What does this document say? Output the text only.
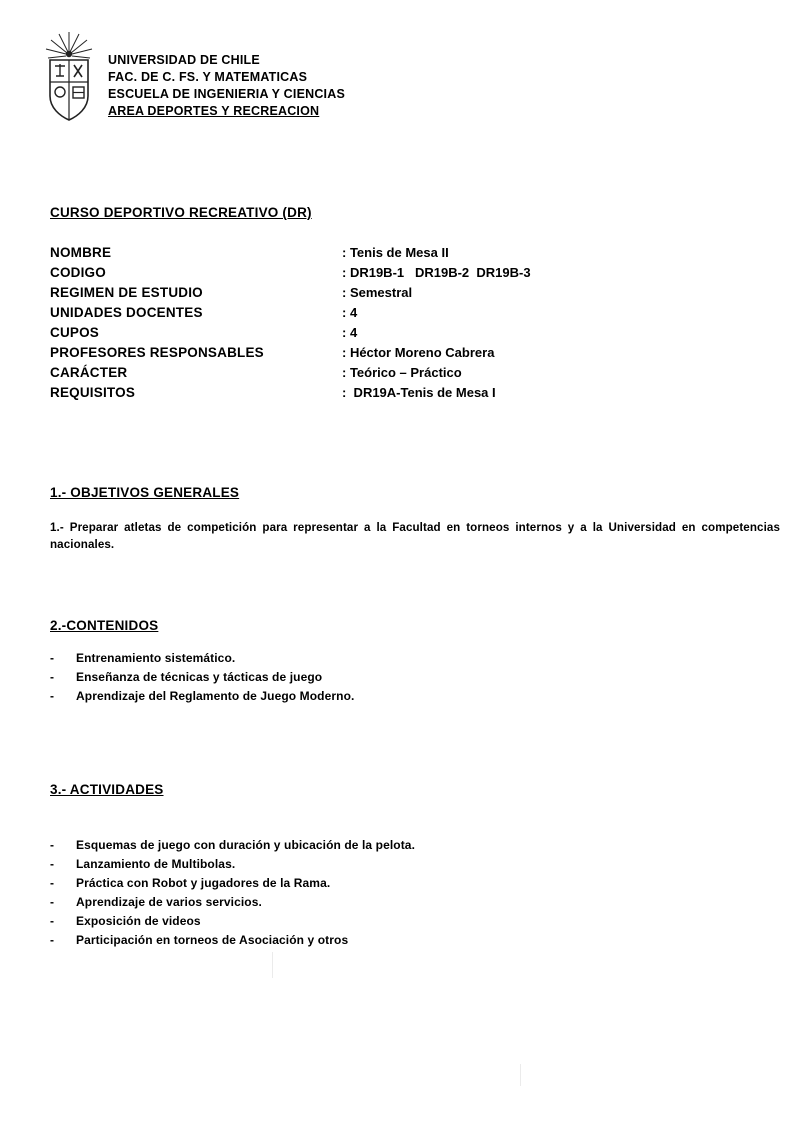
UNIVERSIDAD DE CHILE
FAC. DE C. FS. Y MATEMATICAS
ESCUELA DE INGENIERIA Y CIENCIAS
AREA DEPORTES Y RECREACION
CURSO DEPORTIVO RECREATIVO (DR)
NOMBRE	: Tenis de Mesa II
CODIGO	: DR19B-1   DR19B-2  DR19B-3
REGIMEN DE ESTUDIO	: Semestral
UNIDADES DOCENTES	: 4
CUPOS	: 4
PROFESORES RESPONSABLES	: Héctor Moreno Cabrera
CARÁCTER	: Teórico – Práctico
REQUISITOS	:  DR19A-Tenis de Mesa I
1.- OBJETIVOS GENERALES
1.- Preparar atletas de competición para representar a la Facultad en torneos internos y a la Universidad en competencias nacionales.
2.-CONTENIDOS
-	Entrenamiento sistemático.
-	Enseñanza de técnicas y tácticas de juego
-	Aprendizaje del Reglamento de Juego Moderno.
3.- ACTIVIDADES
-	Esquemas de juego con duración y ubicación de la pelota.
-	Lanzamiento de Multibolas.
-	Práctica con Robot y jugadores de la Rama.
-	Aprendizaje de varios servicios.
-	Exposición de videos
-	Participación en torneos de Asociación y otros
